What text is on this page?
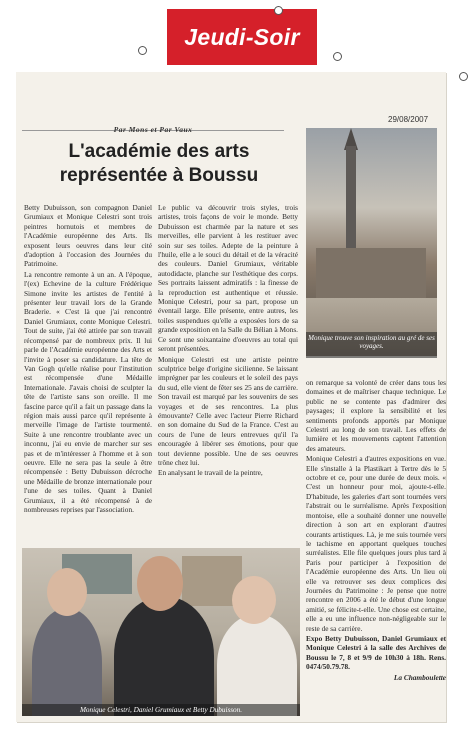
Jeudi-Soir
29/08/2007
Par Mons et Par Vaux
L'académie des arts représentée à Boussu

Betty Dubuisson, son compagnon Daniel Grumiaux et Monique Celestri sont trois peintres hornutois et membres de l'Académie européenne des Arts. Ils exposent leurs oeuvres dans leur cité d'adoption à l'occasion des Journées du Patrimoine.

La rencontre remonte à un an. A l'époque, l'(ex) Echevine de la culture Frédérique Simone invite les artistes de l'entité à présenter leur travail lors de la Grande Braderie. « C'est là que j'ai rencontré Daniel Grumiaux, conte Monique Celestri. Tout de suite, j'ai été attirée par son travail récompensé par de nombreux prix. Il lui parle de l'Académie européenne des Arts et l'invite à poser sa candidature. La tête de Van Gogh qu'elle réalise pour l'institution est récompensée d'une Médaille Internationale. J'avais choisi de sculpter la tête de l'artiste sans son oreille. Il me fascine parce qu'il a fait un passage dans la région mais aussi parce qu'il représente à merveille l'image de l'artiste tourmenté. Suite à une rencontre troublante avec un inconnu, j'ai eu envie de marcher sur ses pas et de m'intéresser à l'homme et à son oeuvre. Elle ne sera pas la seule à être récompensée : Betty Dubuisson décroche une Médaille de bronze internationale pour l'une de ses toiles. Quant à Daniel Grumiaux, il a été récompensé à de nombreuses reprises par l'association.

Le public va découvrir trois styles, trois artistes, trois façons de voir le monde. Betty Dubuisson est charmée par la nature et ses merveilles, elle parvient à les restituer avec soin sur ses toiles. Adepte de la peinture à l'huile, elle a le souci du détail et de la véracité des couleurs. Daniel Grumiaux, véritable autodidacte, planche sur l'esthétique des corps. Ses portraits laissent admiratifs : la finesse de la reproduction est authentique et réussie. Monique Celestri, pour sa part, propose un éventail large. Elle présente, entre autres, les toiles suspendues qu'elle a exposées lors de sa grande exposition en la Salle du Bélian à Mons. Ce sont une soixantaine d'oeuvres au total qui seront présentées.

Monique Celestri est une artiste peintre sculptrice belge d'origine sicilienne. Se laissant imprégner par les couleurs et le soleil des pays du sud, elle vient de fêter ses 25 ans de carrière. Son travail est marqué par les souvenirs de ses voyages et de ses rencontres. La plus émouvante? Celle avec l'acteur Pierre Richard en son domaine du Sud de la France. C'est au cours de l'une de leurs entrevues qu'il l'a encouragée à libérer ses émotions, pour que tout devienne possible. Une de ses oeuvres trône chez lui.

En analysant le travail de la peintre,

Monique trouve son inspiration au gré de ses voyages.

on remarque sa volonté de créer dans tous les domaines et de maîtriser chaque technique. Le public ne se contente pas d'admirer des paysages; il explore la sensibilité et les sentiments profonds apportés par Monique Celestri au long de son travail. Les effets de lumière et les mouvements captent l'attention des amateurs.

Monique Celestri a d'autres expositions en vue. Elle s'installe à la Plastikart à Tertre dès le 5 octobre et ce, pour une durée de deux mois. « C'est un honneur pour moi, ajoute-t-elle. D'habitude, les galeries d'art sont tournées vers l'abstrait ou le surréalisme. Après l'exposition montoise, elle a souhaité donner une nouvelle direction à son art en explorant d'autres courants artistiques. Là, je me suis tournée vers le tachisme en apportant quelques touches surréalistes. Elle file quelques jours plus tard à Paris pour participer à l'exposition de l'Académie européenne des Arts. Un lieu où elle va retrouver ses deux complices des Journées du Patrimoine : Je pense que notre rencontre en 2006 a été le début d'une longue amitié, se félicite-t-elle. Une chose est certaine, elle a eu une influence non-négligeable sur le reste de sa carrière.

Expo Betty Dubuisson, Daniel Grumiaux et Monique Celestri à la salle des Archives de Boussu le 7, 8 et 9/9 de 10h30 à 18h. Rens. 0474/50.79.78.

La Chamboulette

Monique Celestri, Daniel Grumiaux et Betty Dubuisson.
